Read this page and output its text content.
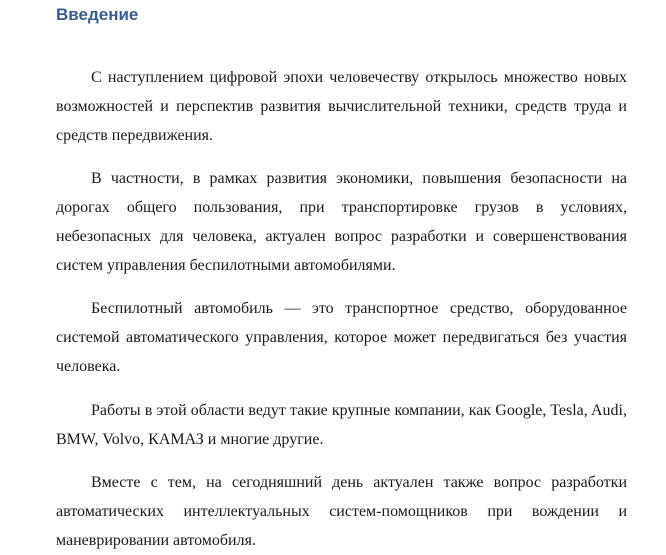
Введение

С наступлением цифровой эпохи человечеству открылось множество новых возможностей и перспектив развития вычислительной техники, средств труда и средств передвижения.

В частности, в рамках развития экономики, повышения безопасности на дорогах общего пользования, при транспортировке грузов в условиях, небезопасных для человека, актуален вопрос разработки и совершенствования систем управления беспилотными автомобилями.

Беспилотный автомобиль — это транспортное средство, оборудованное системой автоматического управления, которое может передвигаться без участия человека.

Работы в этой области ведут такие крупные компании, как Google, Tesla, Audi, BMW, Volvo, КАМАЗ и многие другие.

Вместе с тем, на сегодняшний день актуален также вопрос разработки автоматических интеллектуальных систем-помощников при вождении и маневрировании автомобиля.
